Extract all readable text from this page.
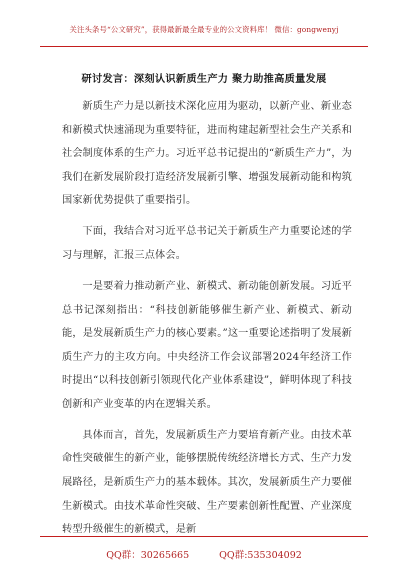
关注头条号“公文研究”，获得最新最全最专业的公文资料库！ 微信：gongwenyj
研讨发言：深刻认识新质生产力 聚力助推高质量发展

新质生产力是以新技术深化应用为驱动，以新产业、新业态和新模式快速涌现为重要特征，进而构建起新型社会生产关系和社会制度体系的生产力。习近平总书记提出的“新质生产力”，为我们在新发展阶段打造经济发展新引擎、增强发展新动能和构筑国家新优势提供了重要指引。

下面，我结合对习近平总书记关于新质生产力重要论述的学习与理解，汇报三点体会。

一是要着力推动新产业、新模式、新动能创新发展。习近平总书记深刻指出：“科技创新能够催生新产业、新模式、新动能，是发展新质生产力的核心要素。”这一重要论述指明了发展新质生产力的主攻方向。中央经济工作会议部署2024年经济工作时提出“以科技创新引领现代化产业体系建设”，鲜明体现了科技创新和产业变革的内在逻辑关系。

具体而言，首先，发展新质生产力要培育新产业。由技术革命性突破催生的新产业，能够摆脱传统经济增长方式、生产力发展路径，是新质生产力的基本载体。其次，发展新质生产力要催生新模式。由技术革命性突破、生产要素创新性配置、产业深度转型升级催生的新模式，是新

QQ群：30265665	QQ群:535304092
